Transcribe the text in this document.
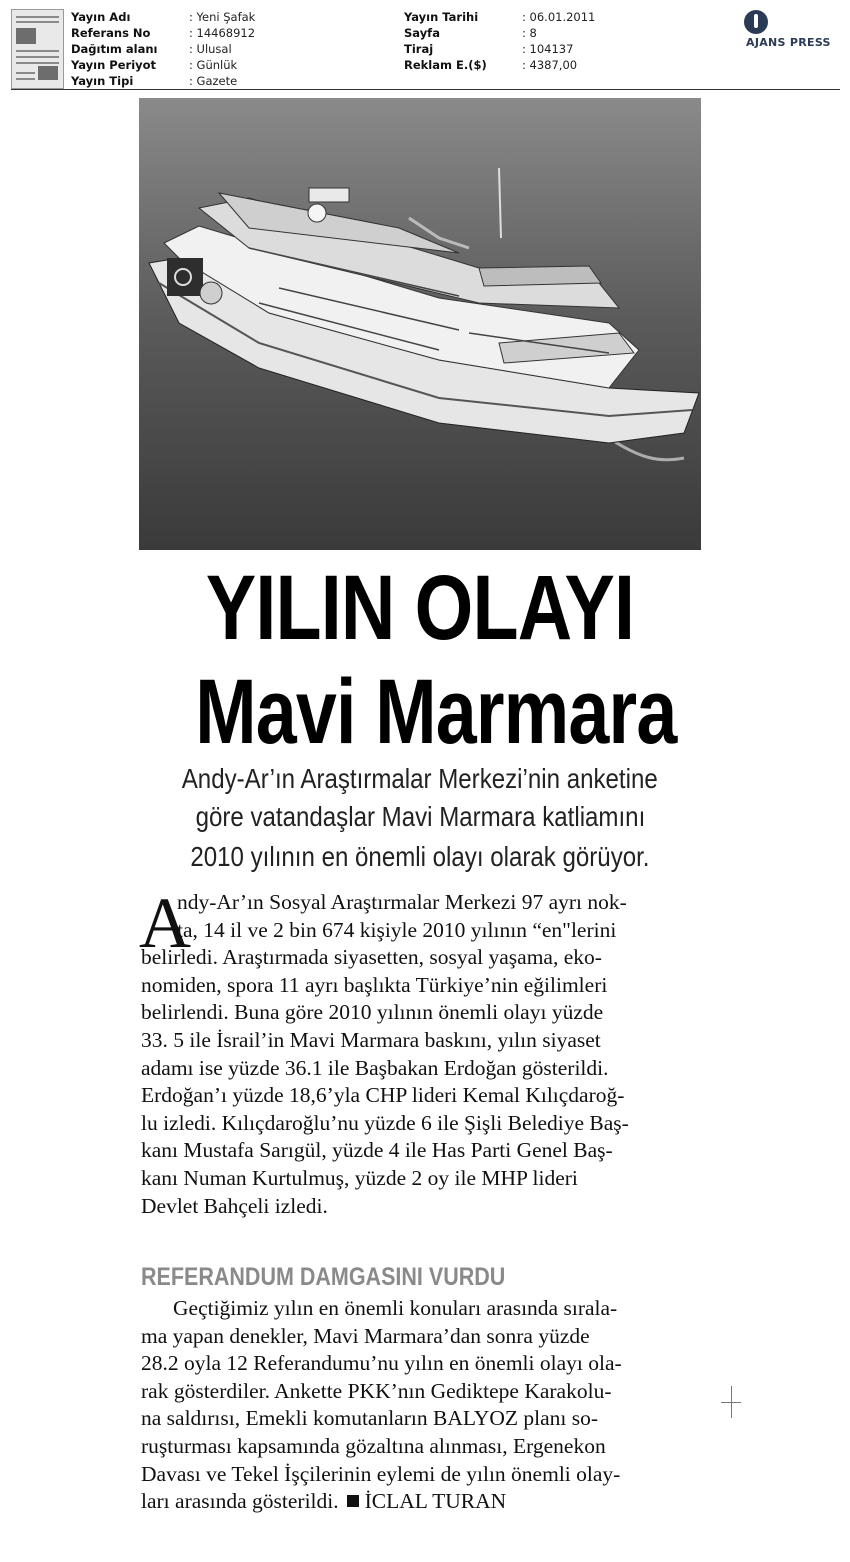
Yayın Adı	: Yeni Şafak
Referans No	: 14468912
Dağıtım alanı	: Ulusal
Yayın Periyot	: Günlük
Yayın Tipi	: Gazete
Yayın Tarihi	: 06.01.2011
Sayfa	: 8
Tiraj	: 104137
Reklam E.($)	: 4387,00
AJANS PRESS
YILIN OLAYI
Mavi Marmara
Andy-Ar’ın Araştırmalar Merkezi’nin anketine
göre vatandaşlar Mavi Marmara katliamını
2010 yılının en önemli olayı olarak görüyor.
A
ndy-Ar’ın Sosyal Araştırmalar Merkezi 97 ayrı nok-
ta, 14 il ve 2 bin 674 kişiyle 2010 yılının “en"lerini
belirledi. Araştırmada siyasetten, sosyal yaşama, eko-
nomiden, spora 11 ayrı başlıkta Türkiye’nin eğilimleri
belirlendi. Buna göre 2010 yılının önemli olayı yüzde
33. 5 ile İsrail’in Mavi Marmara baskını, yılın siyaset
adamı ise yüzde 36.1 ile Başbakan Erdoğan gösterildi.
Erdoğan’ı yüzde 18,6’yla CHP lideri Kemal Kılıçdaroğ-
lu izledi. Kılıçdaroğlu’nu yüzde 6 ile Şişli Belediye Baş-
kanı Mustafa Sarıgül, yüzde 4 ile Has Parti Genel Baş-
kanı Numan Kurtulmuş, yüzde 2 oy ile MHP lideri
Devlet Bahçeli izledi.
REFERANDUM DAMGASINI VURDU
Geçtiğimiz yılın en önemli konuları arasında sırala-
ma yapan denekler, Mavi Marmara’dan sonra yüzde
28.2 oyla 12 Referandumu’nu yılın en önemli olayı ola-
rak gösterdiler. Ankette PKK’nın Gediktepe Karakolu-
na saldırısı, Emekli komutanların BALYOZ planı so-
ruşturması kapsamında gözaltına alınması, Ergenekon
Davası ve Tekel İşçilerinin eylemi de yılın önemli olay-
ları arasında gösterildi. İCLAL TURAN
